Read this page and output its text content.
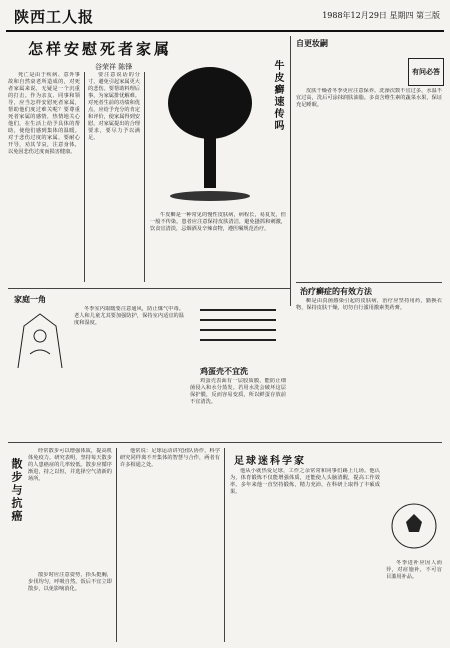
陕西工人报	1988年12月29日 星期四 第三版
怎样安慰死者家属
谷荣祥 陈锋

死亡是由于疾病、意外事故和自然衰老所造成的，对死者家属来说，无疑是一个沉重的打击。作为亲友、同事和领导，应当怎样安慰死者家属，帮助他们度过难关呢？要尊重死者家属的感情，热情地关心他们，在生活上给予具体的帮助，使他们感到集体的温暖。对于悲伤过度的家属，要耐心开导，劝其节哀，注意身体，以免因悲伤过度而损害健康。

要注意说话的分寸，避免引起家属更大的悲伤。要帮助料理后事，为家属排忧解难。对死者生前的功绩和优点，应给予充分的肯定和评价，使家属得到安慰。对家属提出的合理要求，要尽力予以满足。

牛皮癣速传吗

牛皮癣是一种常见的慢性皮肤病，病程长，易复发，但一般不传染。患者应注意保持皮肤清洁，避免搔抓和刺激，饮食宜清淡，忌烟酒及辛辣食物，遵医嘱规范治疗。

自更妆嗣
有问必答

皮肤干燥者冬季更应注意保养。洗澡次数不宜过多，水温不宜过高，洗后可涂抹润肤油脂。多食含维生素的蔬菜水果，保证充足睡眠。

治疗癣症的有效方法

癣是由真菌感染引起的皮肤病，治疗应坚持用药，勤换衣物，保持皮肤干燥，切勿自行滥用激素类药膏。

家庭一角

冬季室内取暖要注意通风，防止煤气中毒。老人和儿童尤其要加强防护，保持室内适宜的温度和湿度。

鸡蛋壳不宜洗

鸡蛋壳表面有一层胶质膜，能防止细菌侵入和水分蒸发。若用水洗会破坏这层保护膜，反而容易变质，所以鲜蛋存放前不宜清洗。

散步与抗癌

经常散步可以增强体质，提高机体免疫力。研究表明，坚持每天散步的人患癌症的几率较低。散步应循序渐进，持之以恒，并选择空气清新的场所。

散步时应注意姿势，抬头挺胸，步伐均匀，呼吸自然。饭后不宜立即散步，以免影响消化。

他常说：足球运动讲究团队协作，科学研究同样离不开集体的智慧与合作，两者有许多相通之处。	足球迷科学家

他从小就热爱足球，工作之余常常和同事们踢上几场。他认为，体育锻炼不仅能增强体质，还能使人头脑清醒，提高工作效率。多年来他一直坚持锻炼，精力充沛，在科研上取得了丰硕成果。

冬季进补应因人而异，对症施补，不可盲目滥用补品。
